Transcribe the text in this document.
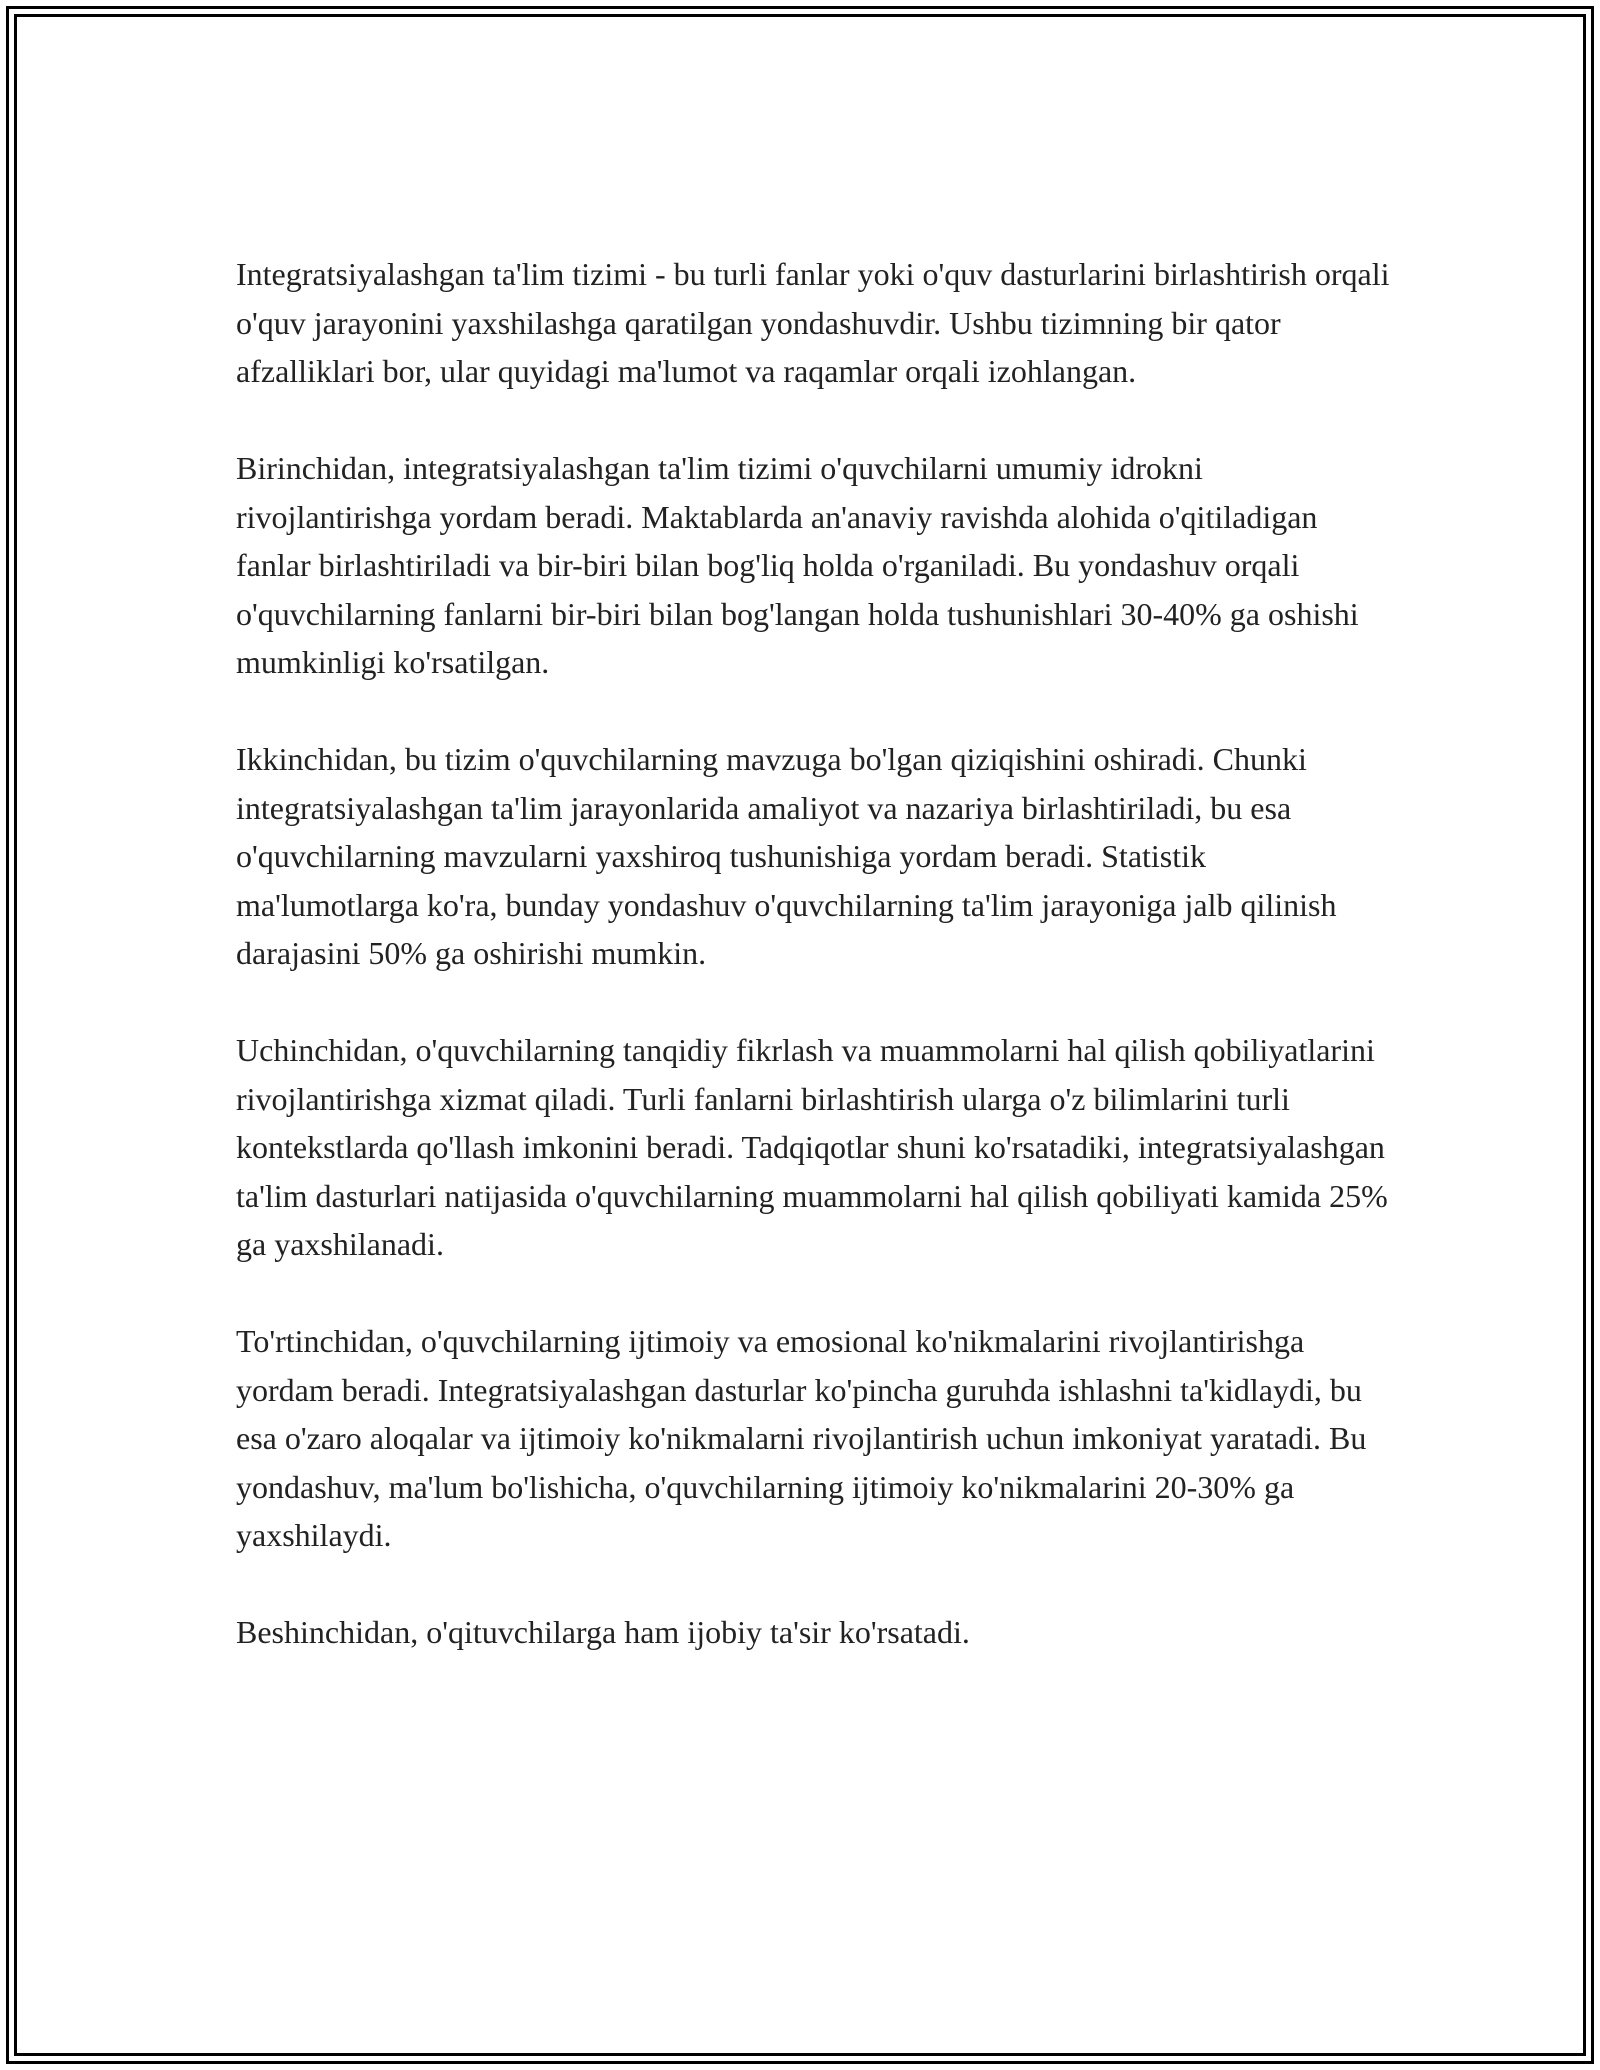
Integratsiyalashgan ta'lim tizimi - bu turli fanlar yoki o'quv dasturlarini birlashtirish orqali o'quv jarayonini yaxshilashga qaratilgan yondashuvdir. Ushbu tizimning bir qator afzalliklari bor, ular quyidagi ma'lumot va raqamlar orqali izohlangan.

Birinchidan, integratsiyalashgan ta'lim tizimi o'quvchilarni umumiy idrokni rivojlantirishga yordam beradi. Maktablarda an'anaviy ravishda alohida o'qitiladigan fanlar birlashtiriladi va bir-biri bilan bog'liq holda o'rganiladi. Bu yondashuv orqali o'quvchilarning fanlarni bir-biri bilan bog'langan holda tushunishlari 30-40% ga oshishi mumkinligi ko'rsatilgan.

Ikkinchidan, bu tizim o'quvchilarning mavzuga bo'lgan qiziqishini oshiradi. Chunki integratsiyalashgan ta'lim jarayonlarida amaliyot va nazariya birlashtiriladi, bu esa o'quvchilarning mavzularni yaxshiroq tushunishiga yordam beradi. Statistik ma'lumotlarga ko'ra, bunday yondashuv o'quvchilarning ta'lim jarayoniga jalb qilinish darajasini 50% ga oshirishi mumkin.

Uchinchidan, o'quvchilarning tanqidiy fikrlash va muammolarni hal qilish qobiliyatlarini rivojlantirishga xizmat qiladi. Turli fanlarni birlashtirish ularga o'z bilimlarini turli kontekstlarda qo'llash imkonini beradi. Tadqiqotlar shuni ko'rsatadiki, integratsiyalashgan ta'lim dasturlari natijasida o'quvchilarning muammolarni hal qilish qobiliyati kamida 25% ga yaxshilanadi.

To'rtinchidan, o'quvchilarning ijtimoiy va emosional ko'nikmalarini rivojlantirishga yordam beradi. Integratsiyalashgan dasturlar ko'pincha guruhda ishlashni ta'kidlaydi, bu esa o'zaro aloqalar va ijtimoiy ko'nikmalarni rivojlantirish uchun imkoniyat yaratadi. Bu yondashuv, ma'lum bo'lishicha, o'quvchilarning ijtimoiy ko'nikmalarini 20-30% ga yaxshilaydi.

Beshinchidan, o'qituvchilarga ham ijobiy ta'sir ko'rsatadi.
